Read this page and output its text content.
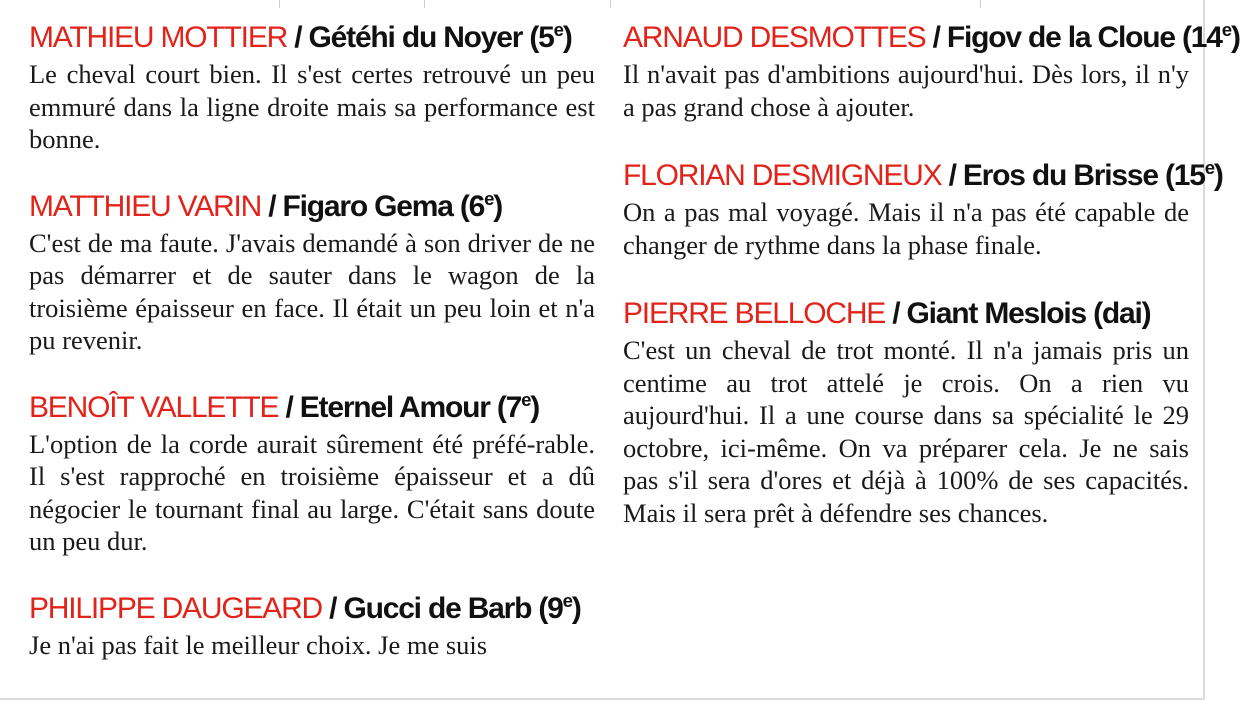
MATHIEU MOTTIER / Gétéhi du Noyer (5e)
Le cheval court bien. Il s'est certes retrouvé un peu emmuré dans la ligne droite mais sa performance est bonne.
MATTHIEU VARIN / Figaro Gema (6e)
C'est de ma faute. J'avais demandé à son driver de ne pas démarrer et de sauter dans le wagon de la troisième épaisseur en face. Il était un peu loin et n'a pu revenir.
BENOÎT VALLETTE / Eternel Amour (7e)
L'option de la corde aurait sûrement été préfé-rable. Il s'est rapproché en troisième épaisseur et a dû négocier le tournant final au large. C'était sans doute un peu dur.
PHILIPPE DAUGEARD / Gucci de Barb (9e)
Je n'ai pas fait le meilleur choix. Je me suis
ARNAUD DESMOTTES / Figov de la Cloue (14e)
Il n'avait pas d'ambitions aujourd'hui. Dès lors, il n'y a pas grand chose à ajouter.
FLORIAN DESMIGNEUX / Eros du Brisse (15e)
On a pas mal voyagé. Mais il n'a pas été capable de changer de rythme dans la phase finale.
PIERRE BELLOCHE / Giant Meslois (dai)
C'est un cheval de trot monté. Il n'a jamais pris un centime au trot attelé je crois. On a rien vu aujourd'hui. Il a une course dans sa spécialité le 29 octobre, ici-même. On va préparer cela. Je ne sais pas s'il sera d'ores et déjà à 100% de ses capacités. Mais il sera prêt à défendre ses chances.
